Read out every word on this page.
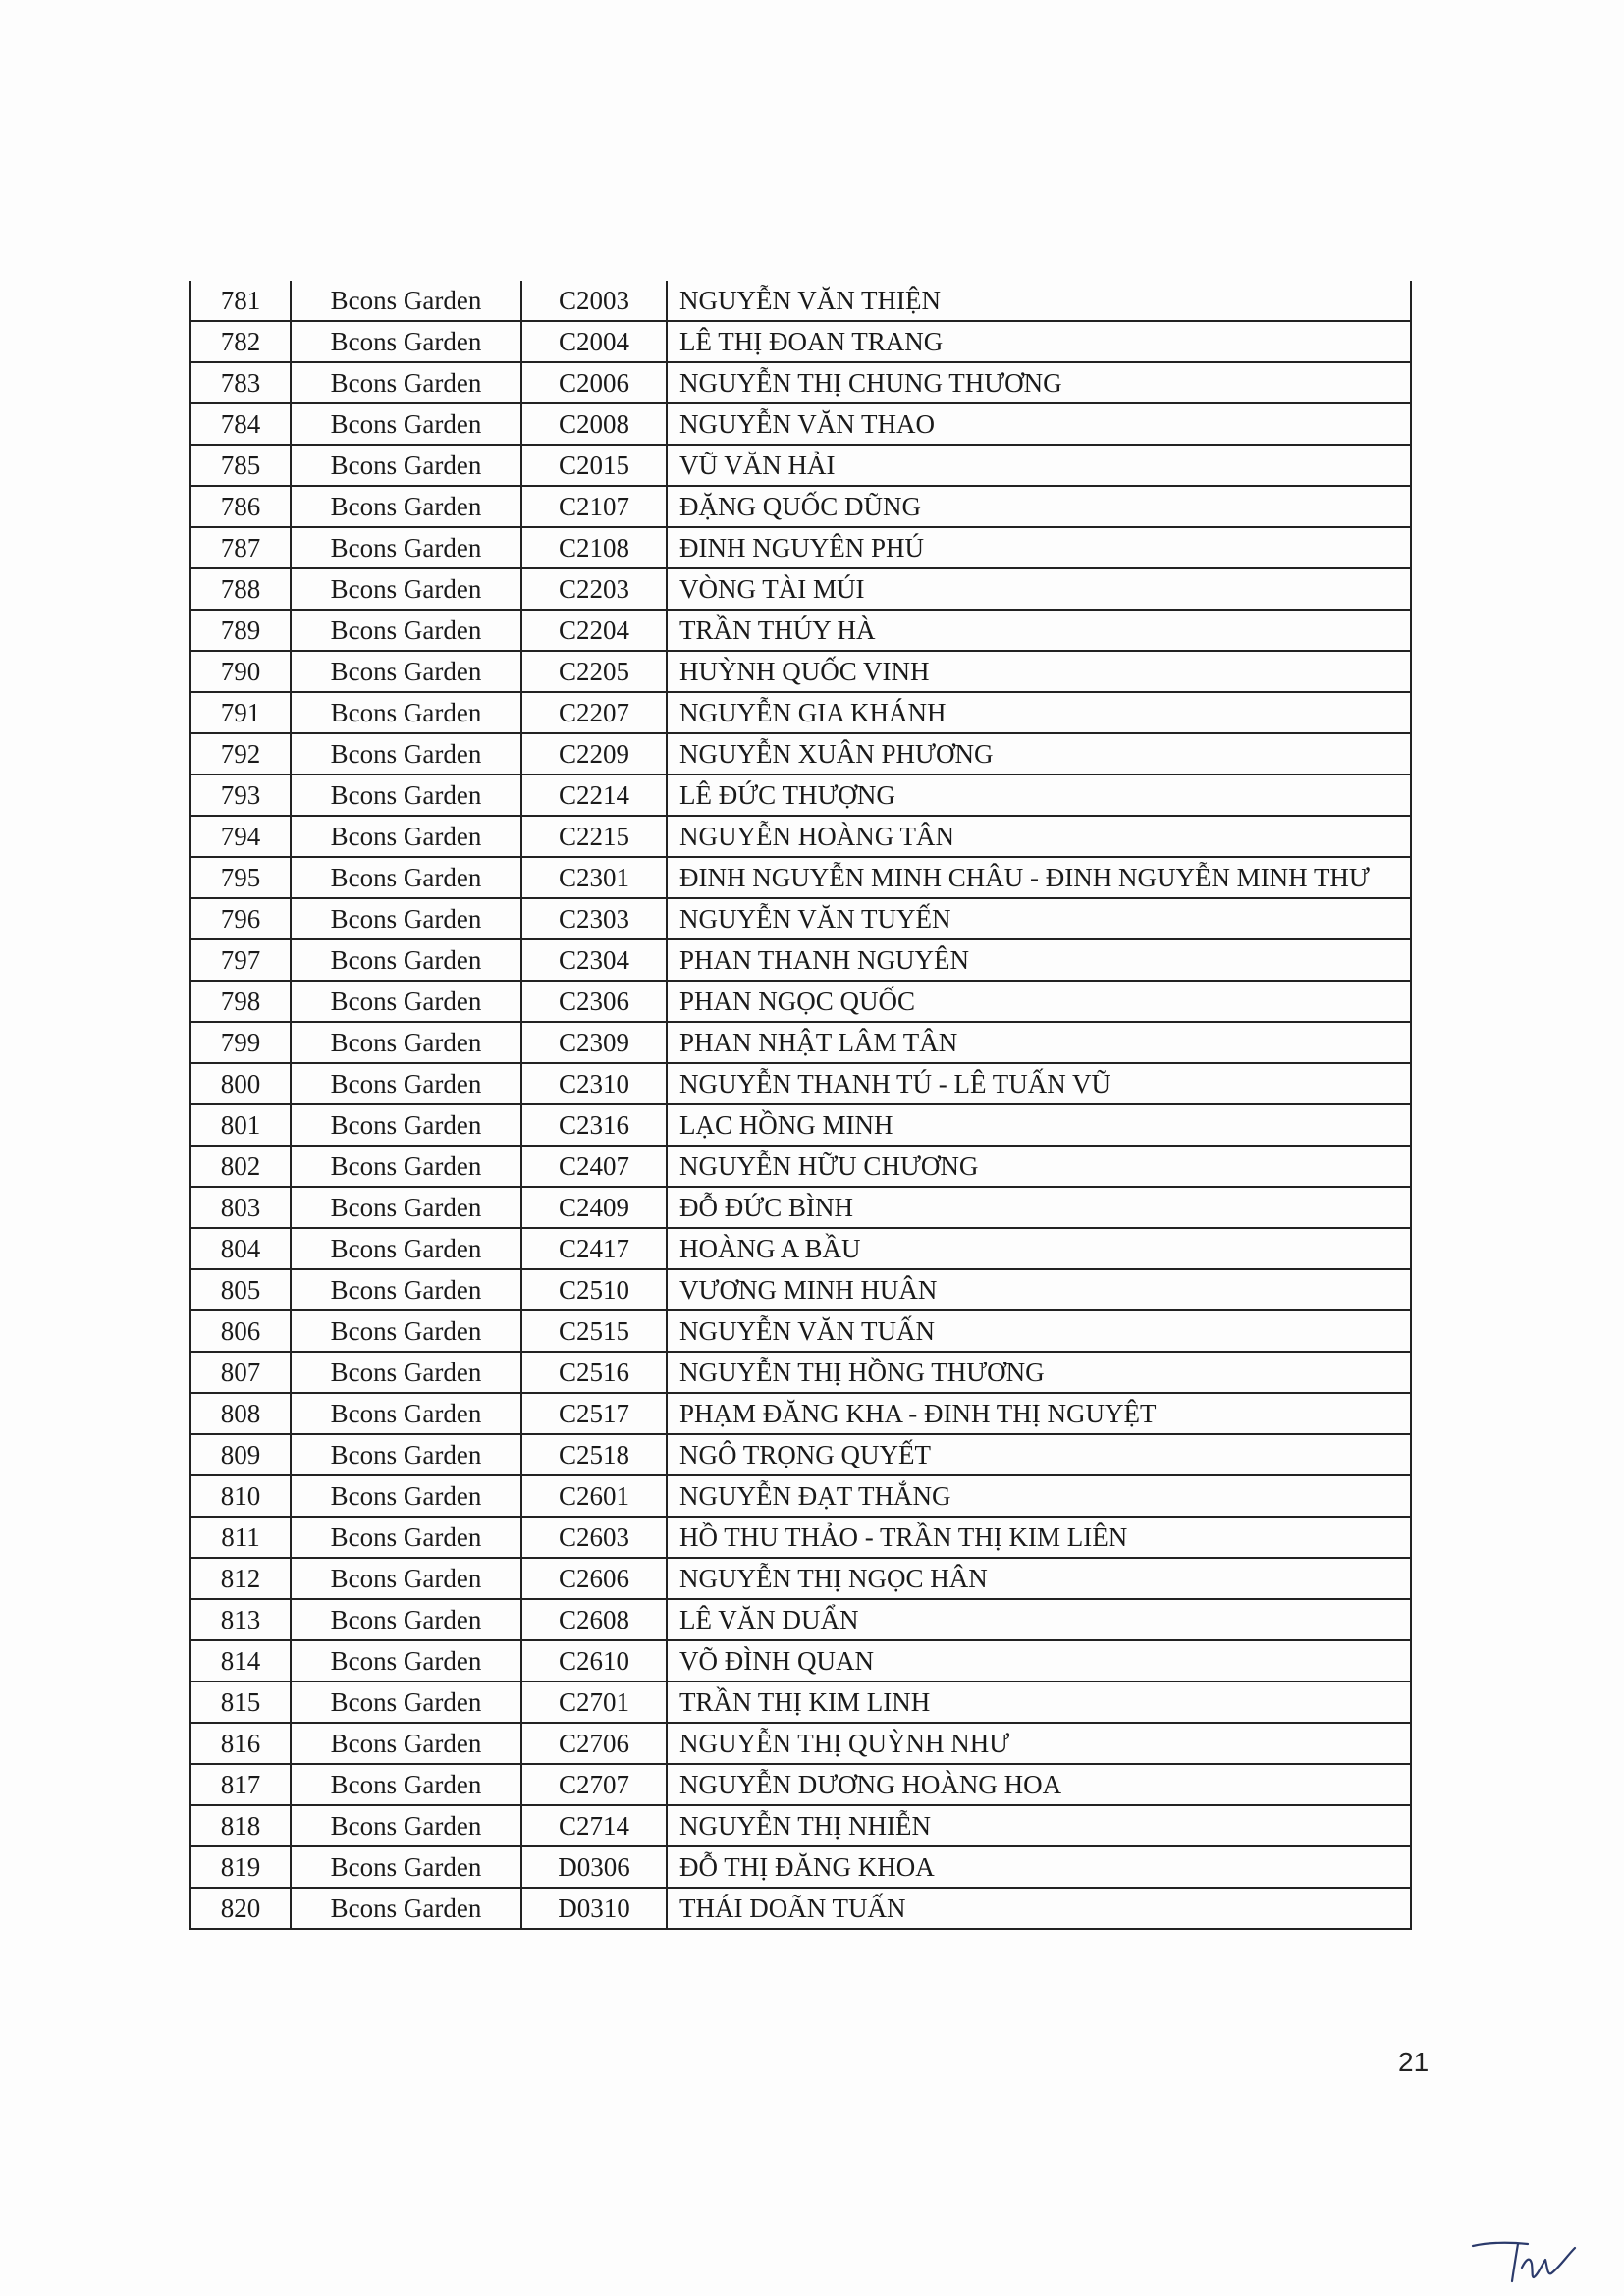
781	Bcons Garden	C2003	NGUYỄN VĂN THIỆN
782	Bcons Garden	C2004	LÊ THỊ ĐOAN TRANG
783	Bcons Garden	C2006	NGUYỄN THỊ CHUNG THƯƠNG
784	Bcons Garden	C2008	NGUYỄN VĂN THAO
785	Bcons Garden	C2015	VŨ VĂN HẢI
786	Bcons Garden	C2107	ĐẶNG QUỐC DŨNG
787	Bcons Garden	C2108	ĐINH NGUYÊN PHÚ
788	Bcons Garden	C2203	VÒNG TÀI MÚI
789	Bcons Garden	C2204	TRẦN THÚY HÀ
790	Bcons Garden	C2205	HUỲNH QUỐC VINH
791	Bcons Garden	C2207	NGUYỄN GIA KHÁNH
792	Bcons Garden	C2209	NGUYỄN XUÂN PHƯƠNG
793	Bcons Garden	C2214	LÊ ĐỨC THƯỢNG
794	Bcons Garden	C2215	NGUYỄN HOÀNG TÂN
795	Bcons Garden	C2301	ĐINH NGUYỄN MINH CHÂU - ĐINH NGUYỄN MINH THƯ
796	Bcons Garden	C2303	NGUYỄN VĂN TUYẾN
797	Bcons Garden	C2304	PHAN THANH NGUYÊN
798	Bcons Garden	C2306	PHAN NGỌC QUỐC
799	Bcons Garden	C2309	PHAN NHẬT LÂM TÂN
800	Bcons Garden	C2310	NGUYỄN THANH TÚ - LÊ TUẤN VŨ
801	Bcons Garden	C2316	LẠC HỒNG MINH
802	Bcons Garden	C2407	NGUYỄN HỮU CHƯƠNG
803	Bcons Garden	C2409	ĐỖ ĐỨC BÌNH
804	Bcons Garden	C2417	HOÀNG A BẦU
805	Bcons Garden	C2510	VƯƠNG MINH HUÂN
806	Bcons Garden	C2515	NGUYỄN VĂN TUẤN
807	Bcons Garden	C2516	NGUYỄN THỊ HỒNG THƯƠNG
808	Bcons Garden	C2517	PHẠM ĐĂNG KHA - ĐINH THỊ NGUYỆT
809	Bcons Garden	C2518	NGÔ TRỌNG QUYẾT
810	Bcons Garden	C2601	NGUYỄN ĐẠT THẮNG
811	Bcons Garden	C2603	HỒ THU THẢO - TRẦN THỊ KIM LIÊN
812	Bcons Garden	C2606	NGUYỄN THỊ NGỌC HÂN
813	Bcons Garden	C2608	LÊ VĂN DUẨN
814	Bcons Garden	C2610	VÕ ĐÌNH QUAN
815	Bcons Garden	C2701	TRẦN THỊ KIM LINH
816	Bcons Garden	C2706	NGUYỄN THỊ QUỲNH NHƯ
817	Bcons Garden	C2707	NGUYỄN DƯƠNG HOÀNG HOA
818	Bcons Garden	C2714	NGUYỄN THỊ NHIỄN
819	Bcons Garden	D0306	ĐỖ THỊ ĐĂNG KHOA
820	Bcons Garden	D0310	THÁI DOÃN TUẤN
21
